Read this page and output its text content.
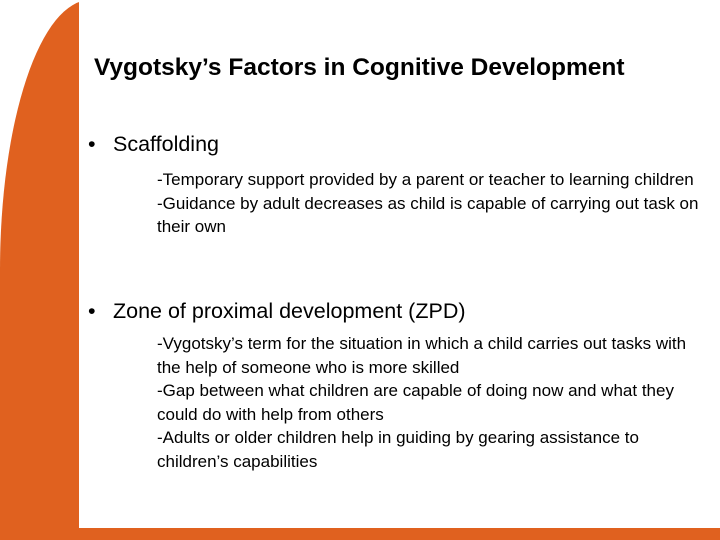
Vygotsky’s Factors in Cognitive Development
• Scaffolding
-Temporary support provided by a parent or teacher to learning children
-Guidance by adult decreases as child is capable of carrying out task on their own
• Zone of proximal development (ZPD)
-Vygotsky’s term for the situation in which a child carries out tasks with the help of someone who is more skilled
-Gap between what children are capable of doing now and what they could do with help from others
-Adults or older children help in guiding by gearing assistance to children’s capabilities
